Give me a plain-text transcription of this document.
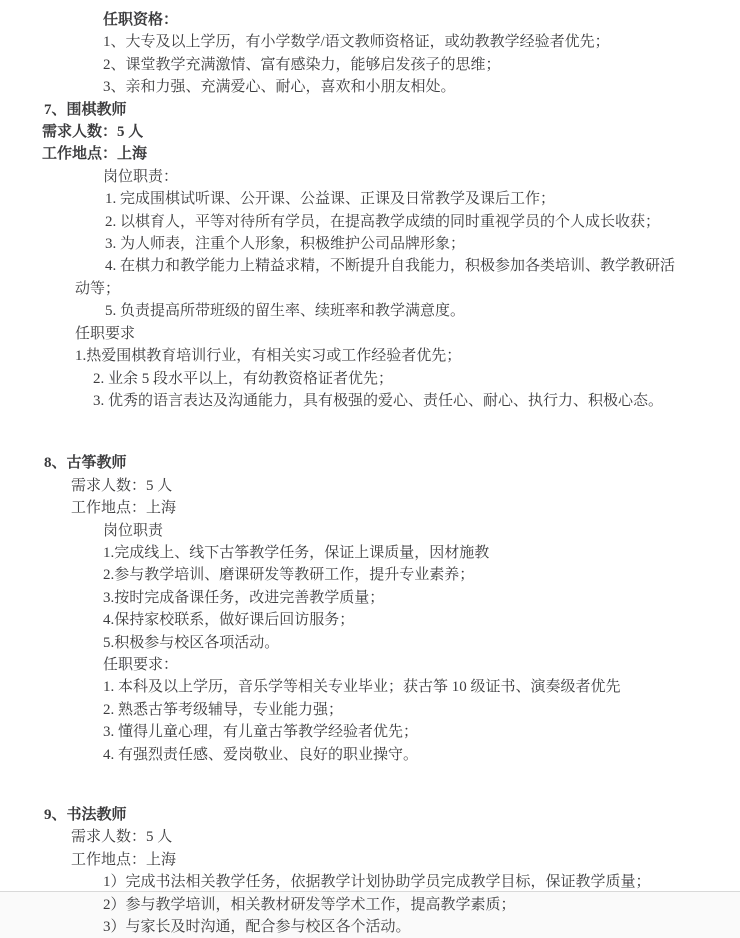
任职资格：
1、大专及以上学历，有小学数学/语文教师资格证，或幼教教学经验者优先；
2、课堂教学充满激情、富有感染力，能够启发孩子的思维；
3、亲和力强、充满爱心、耐心，喜欢和小朋友相处。
7、围棋教师
需求人数：5 人
工作地点：上海
岗位职责：
1. 完成围棋试听课、公开课、公益课、正课及日常教学及课后工作；
2. 以棋育人，平等对待所有学员，在提高教学成绩的同时重视学员的个人成长收获；
3. 为人师表，注重个人形象，积极维护公司品牌形象；
4. 在棋力和教学能力上精益求精，不断提升自我能力，积极参加各类培训、教学教研活动等；
5. 负责提高所带班级的留生率、续班率和教学满意度。
任职要求
1.热爱围棋教育培训行业，有相关实习或工作经验者优先；
2. 业余 5 段水平以上，有幼教资格证者优先；
3. 优秀的语言表达及沟通能力，具有极强的爱心、责任心、耐心、执行力、积极心态。
8、古筝教师
需求人数：5 人
工作地点：上海
岗位职责
1.完成线上、线下古筝教学任务，保证上课质量，因材施教
2.参与教学培训、磨课研发等教研工作，提升专业素养；
3.按时完成备课任务，改进完善教学质量；
4.保持家校联系，做好课后回访服务；
5.积极参与校区各项活动。
任职要求：
1. 本科及以上学历，音乐学等相关专业毕业；获古筝 10 级证书、演奏级者优先
2. 熟悉古筝考级辅导，专业能力强；
3. 懂得儿童心理，有儿童古筝教学经验者优先；
4. 有强烈责任感、爱岗敬业、良好的职业操守。
9、书法教师
需求人数：5 人
工作地点：上海
1）完成书法相关教学任务，依据教学计划协助学员完成教学目标，保证教学质量；
2）参与教学培训，相关教材研发等学术工作，提高教学素质；
3）与家长及时沟通，配合参与校区各个活动。
